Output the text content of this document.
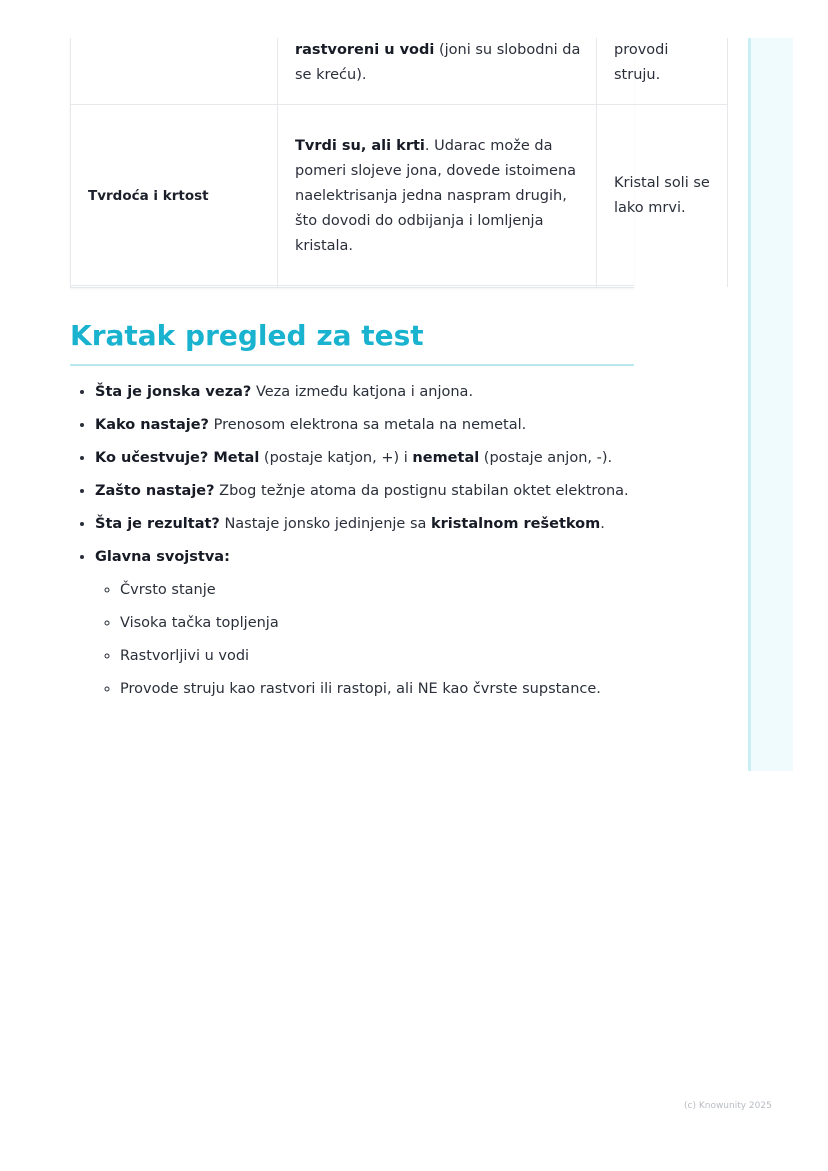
	rastvoreni u vodi (joni su slobodni da se kreću).	provodi struju.
Tvrdoća i krtost	Tvrdi su, ali krti. Udarac može da pomeri slojeve jona, dovede istoimena naelektrisanja jedna naspram drugih, što dovodi do odbijanja i lomljenja kristala.	Kristal soli se lako mrvi.
Kratak pregled za test
• Šta je jonska veza? Veza između katjona i anjona.
• Kako nastaje? Prenosom elektrona sa metala na nemetal.
• Ko učestvuje? Metal (postaje katjon, +) i nemetal (postaje anjon, -).
• Zašto nastaje? Zbog težnje atoma da postignu stabilan oktet elektrona.
• Šta je rezultat? Nastaje jonsko jedinjenje sa kristalnom rešetkom.
• Glavna svojstva:
◦ Čvrsto stanje
◦ Visoka tačka topljenja
◦ Rastvorljivi u vodi
◦ Provode struju kao rastvori ili rastopi, ali NE kao čvrste supstance.
(c) Knowunity 2025
